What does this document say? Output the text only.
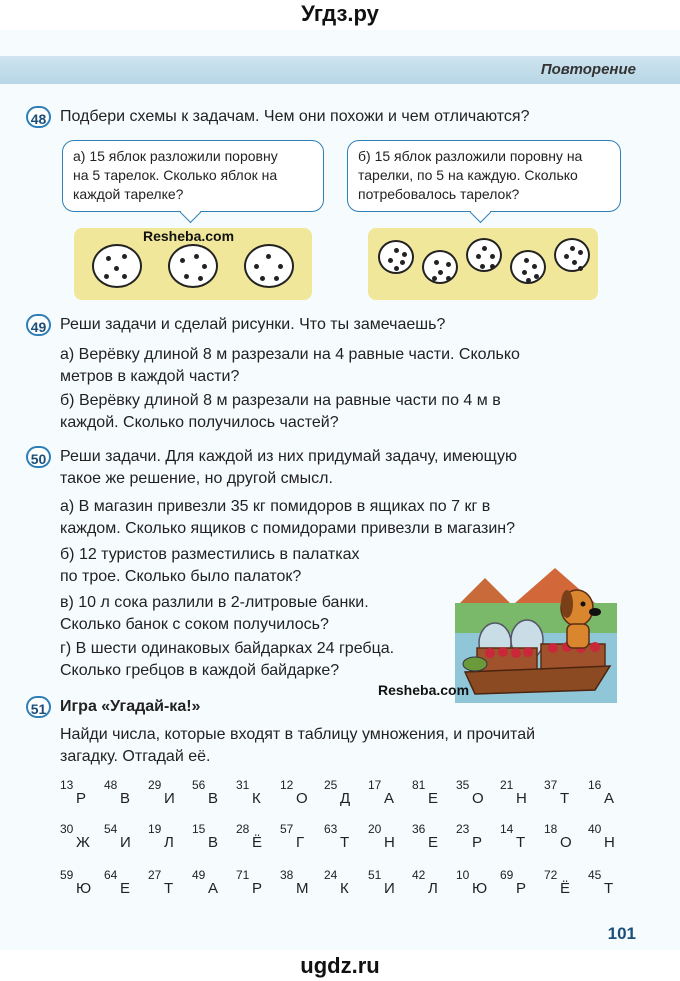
Угдз.ру
Повторение
48 Подбери схемы к задачам. Чем они похожи и чем отличаются?
а) 15 яблок разложили поровну
на 5 тарелок. Сколько яблок на
каждой тарелке?
б) 15 яблок разложили поровну на
тарелки, по 5 на каждую. Сколько
потребовалось тарелок?
Resheba.com
49 Реши задачи и сделай рисунки. Что ты замечаешь?
а) Верёвку длиной 8 м разрезали на 4 равные части. Сколько
метров в каждой части?
б) Верёвку длиной 8 м разрезали на равные части по 4 м в
каждой. Сколько получилось частей?
50 Реши задачи. Для каждой из них придумай задачу, имеющую
такое же решение, но другой смысл.
а) В магазин привезли 35 кг помидоров в ящиках по 7 кг в
каждом. Сколько ящиков с помидорами привезли в магазин?
б) 12 туристов разместились в палатках
по трое. Сколько было палаток?
в) 10 л сока разлили в 2-литровые банки.
Сколько банок с соком получилось?
г) В шести одинаковых байдарках 24 гребца.
Сколько гребцов в каждой байдарке?
Resheba.com
51 Игра «Угадай-ка!»
Найди числа, которые входят в таблицу умножения, и прочитай
загадку. Отгадай её.
13
Р
48
В
29
И
56
В
31
К
12
О
25
Д
17
А
81
Е
35
О
21
Н
37
Т
16
А
30
Ж
54
И
19
Л
15
В
28
Ё
57
Г
63
Т
20
Н
36
Е
23
Р
14
Т
18
О
40
Н
59
Ю
64
Е
27
Т
49
А
71
Р
38
М
24
К
51
И
42
Л
10
Ю
69
Р
72
Ё
45
Т
101
ugdz.ru
